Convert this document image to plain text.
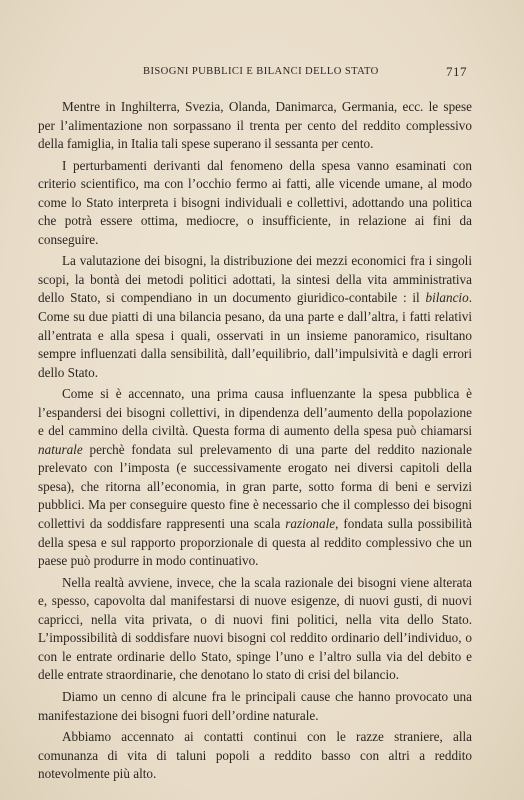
BISOGNI PUBBLICI E BILANCI DELLO STATO	717

Mentre in Inghilterra, Svezia, Olanda, Danimarca, Germania, ecc. le spese per l’alimentazione non sorpassano il trenta per cento del reddito complessivo della famiglia, in Italia tali spese superano il sessanta per cento.

I perturbamenti derivanti dal fenomeno della spesa vanno esaminati con criterio scientifico, ma con l’occhio fermo ai fatti, alle vicende umane, al modo come lo Stato interpreta i bisogni individuali e collettivi, adottando una politica che potrà essere ottima, mediocre, o insufficiente, in relazione ai fini da conseguire.

La valutazione dei bisogni, la distribuzione dei mezzi economici fra i singoli scopi, la bontà dei metodi politici adottati, la sintesi della vita amministrativa dello Stato, si compendiano in un documento giuridico-contabile : il bilancio. Come su due piatti di una bilancia pesano, da una parte e dall’altra, i fatti relativi all’entrata e alla spesa i quali, osservati in un insieme panoramico, risultano sempre influenzati dalla sensibilità, dall’equilibrio, dall’impulsività e dagli errori dello Stato.

Come si è accennato, una prima causa influenzante la spesa pubblica è l’espandersi dei bisogni collettivi, in dipendenza dell’aumento della popolazione e del cammino della civiltà. Questa forma di aumento della spesa può chiamarsi naturale perchè fondata sul prelevamento di una parte del reddito nazionale prelevato con l’imposta (e successivamente erogato nei diversi capitoli della spesa), che ritorna all’economia, in gran parte, sotto forma di beni e servizi pubblici. Ma per conseguire questo fine è necessario che il complesso dei bisogni collettivi da soddisfare rappresenti una scala razionale, fondata sulla possibilità della spesa e sul rapporto proporzionale di questa al reddito complessivo che un paese può produrre in modo continuativo.

Nella realtà avviene, invece, che la scala razionale dei bisogni viene alterata e, spesso, capovolta dal manifestarsi di nuove esigenze, di nuovi gusti, di nuovi capricci, nella vita privata, o di nuovi fini politici, nella vita dello Stato. L’impossibilità di soddisfare nuovi bisogni col reddito ordinario dell’individuo, o con le entrate ordinarie dello Stato, spinge l’uno e l’altro sulla via del debito e delle entrate straordinarie, che denotano lo stato di crisi del bilancio.

Diamo un cenno di alcune fra le principali cause che hanno provocato una manifestazione dei bisogni fuori dell’ordine naturale.

Abbiamo accennato ai contatti continui con le razze straniere, alla comunanza di vita di taluni popoli a reddito basso con altri a reddito notevolmente più alto.
